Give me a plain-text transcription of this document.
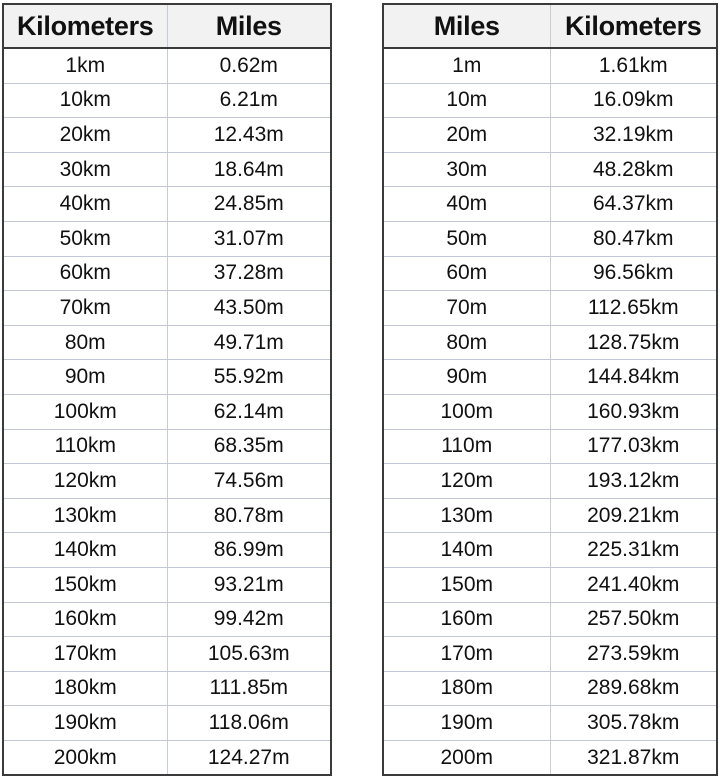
Kilometers	Miles
1km	0.62m
10km	6.21m
20km	12.43m
30km	18.64m
40km	24.85m
50km	31.07m
60km	37.28m
70km	43.50m
80m	49.71m
90m	55.92m
100km	62.14m
110km	68.35m
120km	74.56m
130km	80.78m
140km	86.99m
150km	93.21m
160km	99.42m
170km	105.63m
180km	111.85m
190km	118.06m
200km	124.27m
Miles	Kilometers
1m	1.61km
10m	16.09km
20m	32.19km
30m	48.28km
40m	64.37km
50m	80.47km
60m	96.56km
70m	112.65km
80m	128.75km
90m	144.84km
100m	160.93km
110m	177.03km
120m	193.12km
130m	209.21km
140m	225.31km
150m	241.40km
160m	257.50km
170m	273.59km
180m	289.68km
190m	305.78km
200m	321.87km
